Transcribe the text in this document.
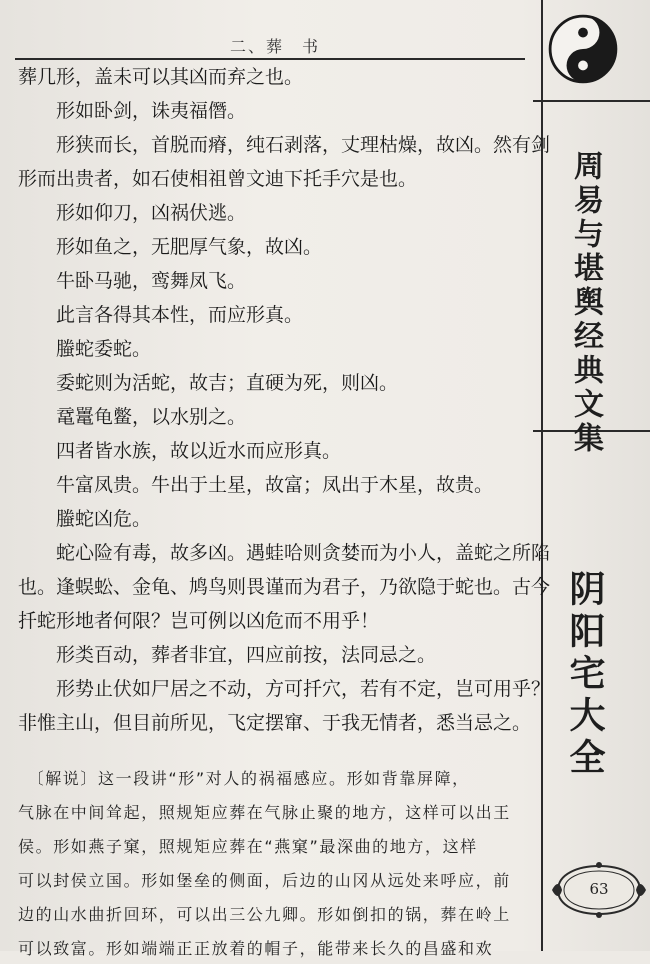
二、葬　书
周易与堪舆经典文集
阴阳宅大全
葬几形，盖未可以其凶而弃之也。
　　形如卧剑，诛夷福僭。
　　形狭而长，首脱而瘠，纯石剥落，丈理枯燥，故凶。然有剑
形而出贵者，如石使相祖曾文迪下托手穴是也。
　　形如仰刀，凶祸伏逃。
　　形如鱼之，无肥厚气象，故凶。
　　牛卧马驰，鸾舞凤飞。
　　此言各得其本性，而应形真。
　　螣蛇委蛇。
　　委蛇则为活蛇，故吉；直硬为死，则凶。
　　鼋鼍龟鳖，以水别之。
　　四者皆水族，故以近水而应形真。
　　牛富凤贵。牛出于土星，故富；凤出于木星，故贵。
　　螣蛇凶危。
　　蛇心险有毒，故多凶。遇蛙哈则贪婪而为小人，盖蛇之所陷
也。逢蜈蚣、金龟、鸠鸟则畏谨而为君子，乃欲隐于蛇也。古今
扦蛇形地者何限？岂可例以凶危而不用乎！
　　形类百动，葬者非宜，四应前按，法同忌之。
　　形势止伏如尸居之不动，方可扦穴，若有不定，岂可用乎？
非惟主山，但目前所见，飞定摆窜、于我无情者，悉当忌之。
　〔解说〕这一段讲“形”对人的祸福感应。形如背靠屏障，
气脉在中间耸起，照规矩应葬在气脉止聚的地方，这样可以出王
侯。形如燕子窠，照规矩应葬在“燕窠”最深曲的地方，这样
可以封侯立国。形如堡垒的侧面，后边的山冈从远处来呼应，前
边的山水曲折回环，可以出三公九卿。形如倒扣的锅，葬在岭上
可以致富。形如端端正正放着的帽子，能带来长久的昌盛和欢
63
